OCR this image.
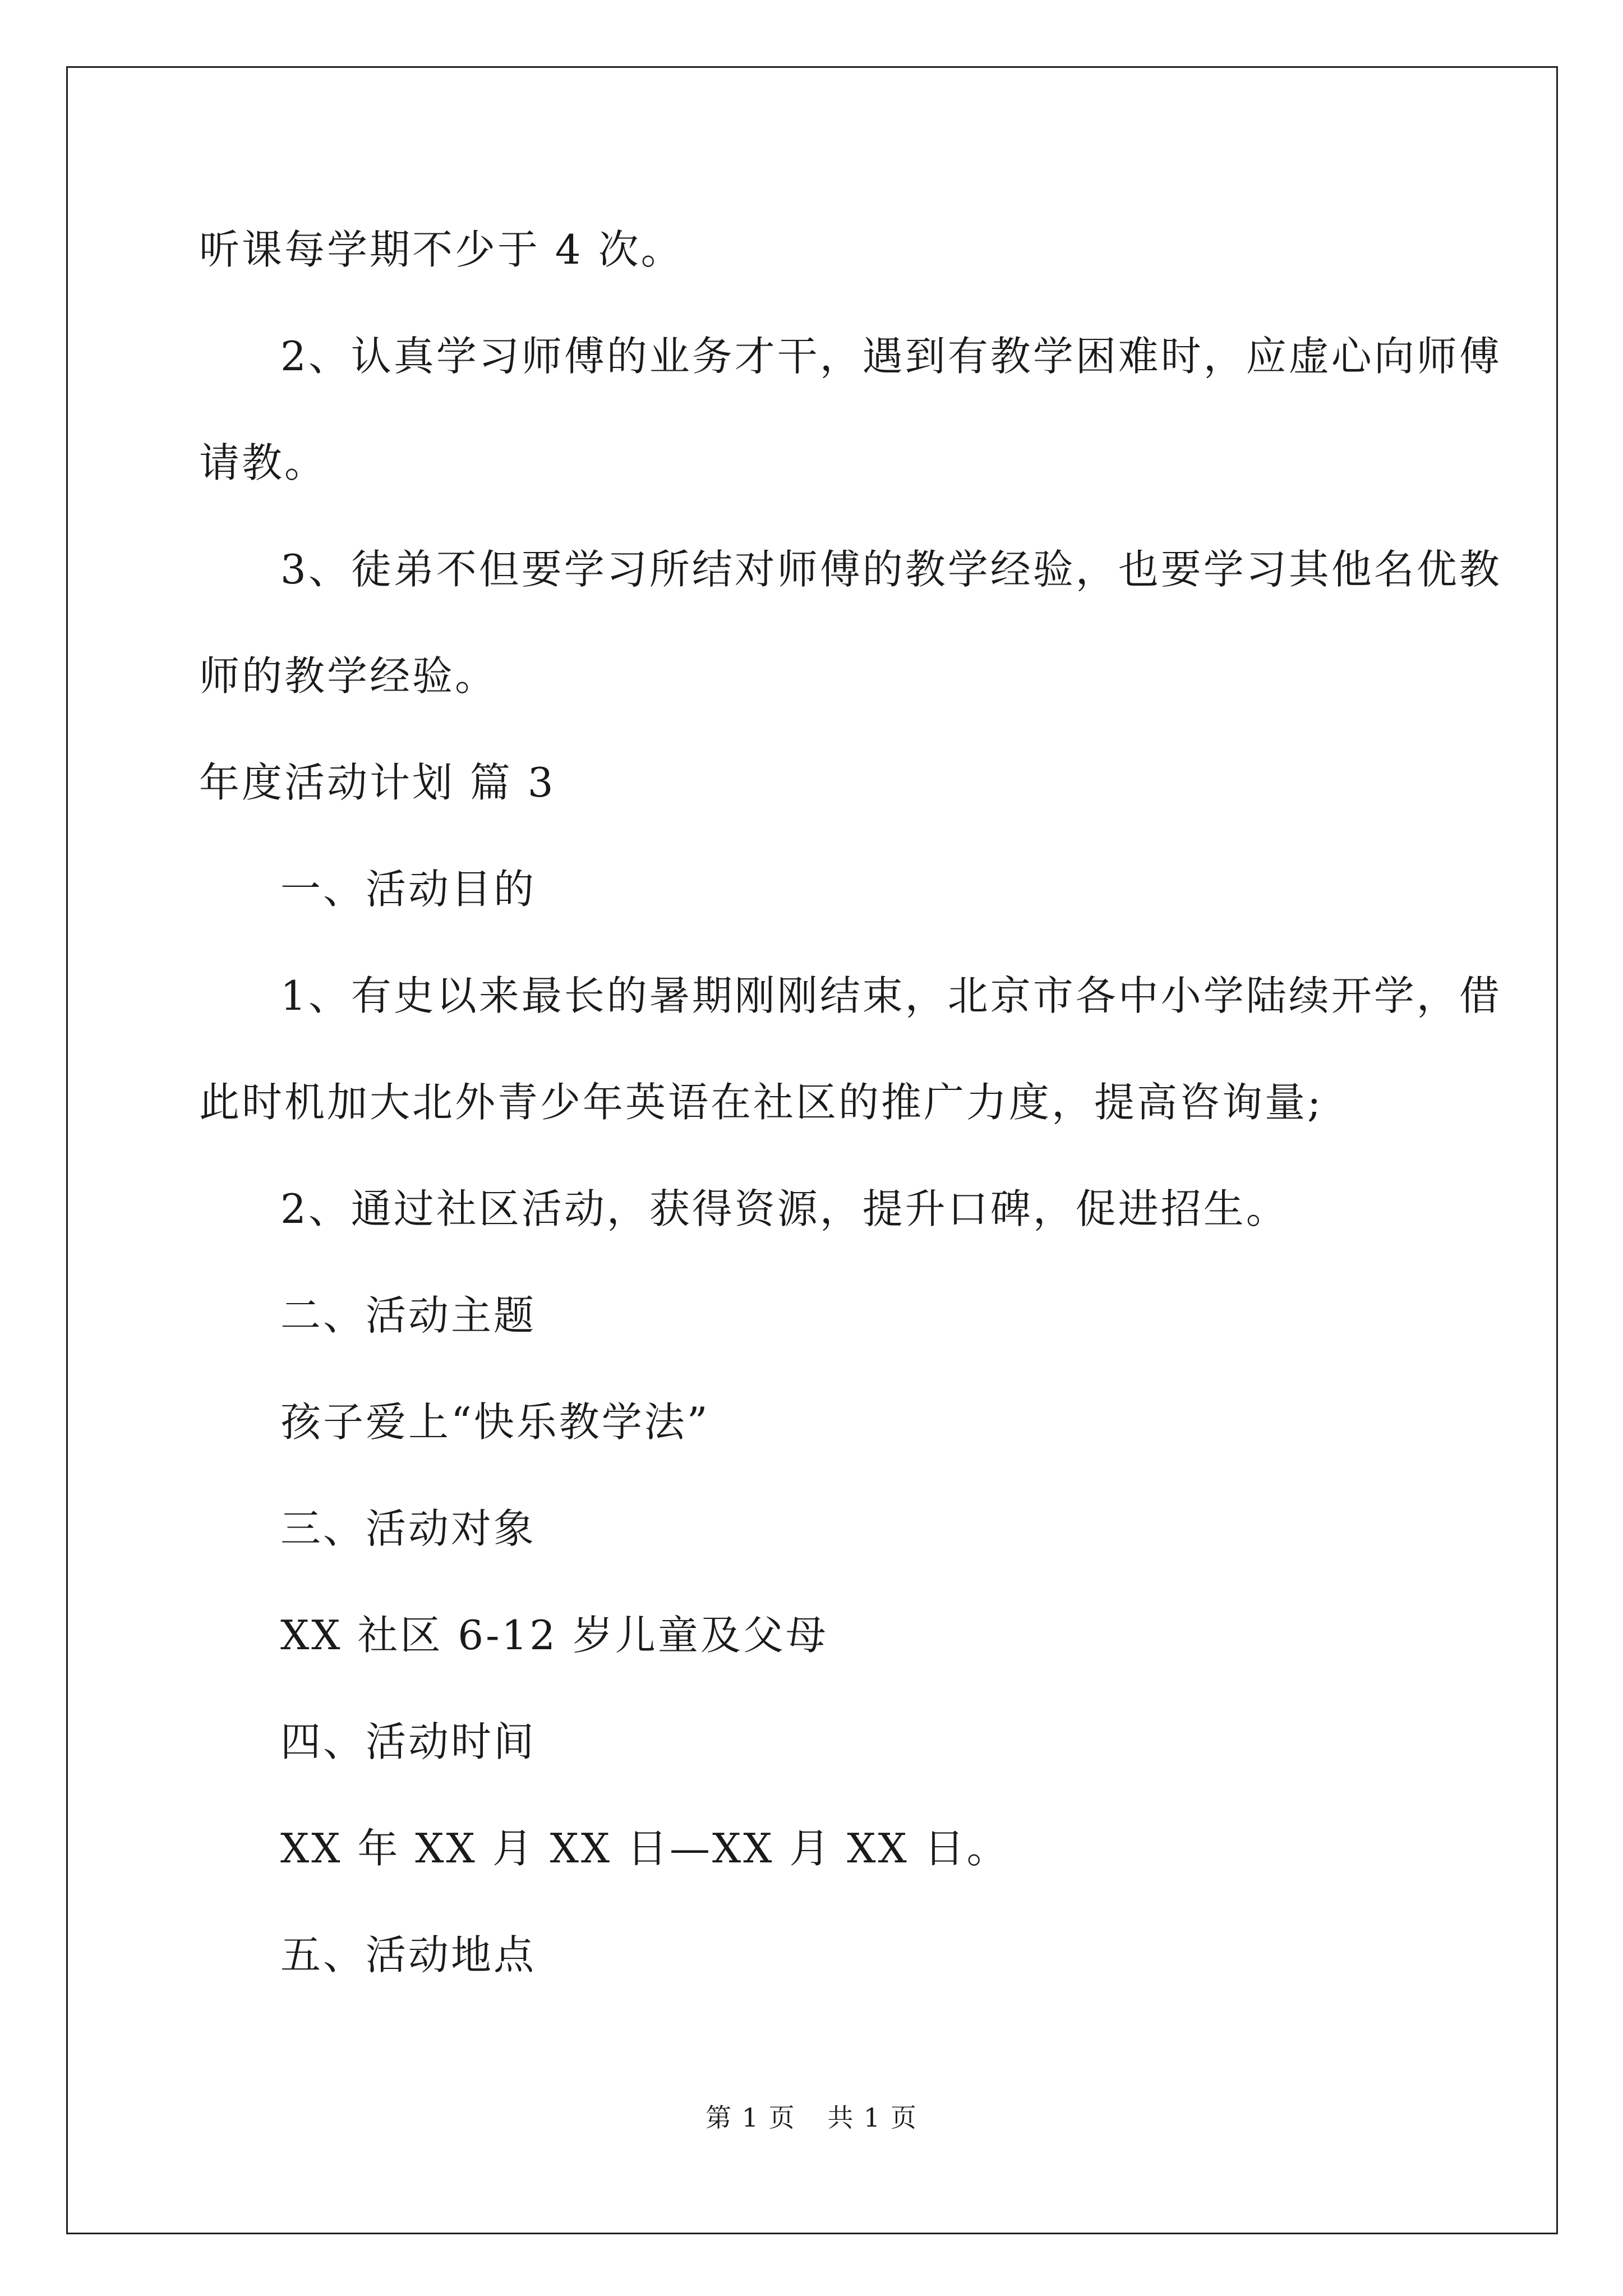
听课每学期不少于 4 次。
2、认真学习师傅的业务才干，遇到有教学困难时，应虚心向师傅
请教。
3、徒弟不但要学习所结对师傅的教学经验，也要学习其他名优教
师的教学经验。
年度活动计划 篇 3
一、活动目的
1、有史以来最长的暑期刚刚结束，北京市各中小学陆续开学，借
此时机加大北外青少年英语在社区的推广力度，提高咨询量;
2、通过社区活动，获得资源，提升口碑，促进招生。
二、活动主题
孩子爱上“快乐教学法”
三、活动对象
XX 社区 6-12 岁儿童及父母
四、活动时间
XX 年 XX 月 XX 日—XX 月 XX 日。
五、活动地点
第 1 页 共 1 页
